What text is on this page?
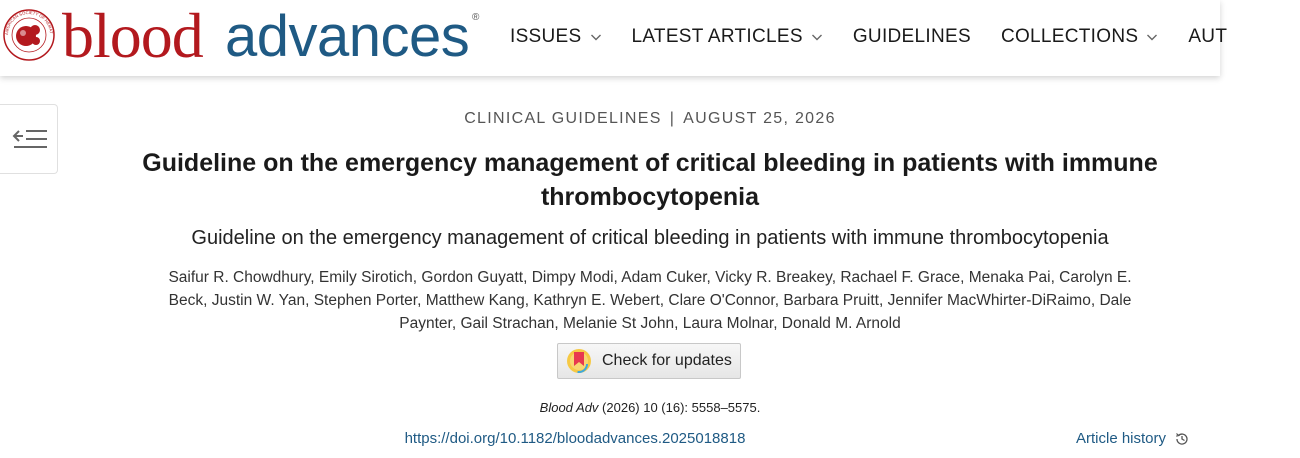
AMERICAN SOCIETY OF HEMAT blood advances ®
ISSUES	LATEST ARTICLES	GUIDELINES COLLECTIONS	AUT
CLINICAL GUIDELINES | AUGUST 25, 2026
Guideline on the emergency management of critical bleeding in patients with immune thrombocytopenia
Guideline on the emergency management of critical bleeding in patients with immune thrombocytopenia
Saifur R. Chowdhury, Emily Sirotich, Gordon Guyatt, Dimpy Modi, Adam Cuker, Vicky R. Breakey, Rachael F. Grace, Menaka Pai, Carolyn E. Beck, Justin W. Yan, Stephen Porter, Matthew Kang, Kathryn E. Webert, Clare O'Connor, Barbara Pruitt, Jennifer MacWhirter-DiRaimo, Dale Paynter, Gail Strachan, Melanie St John, Laura Molnar, Donald M. Arnold
Check for updates
Blood Adv (2026) 10 (16): 5558–5575.
https://doi.org/10.1182/bloodadvances.2025018818	Article history
